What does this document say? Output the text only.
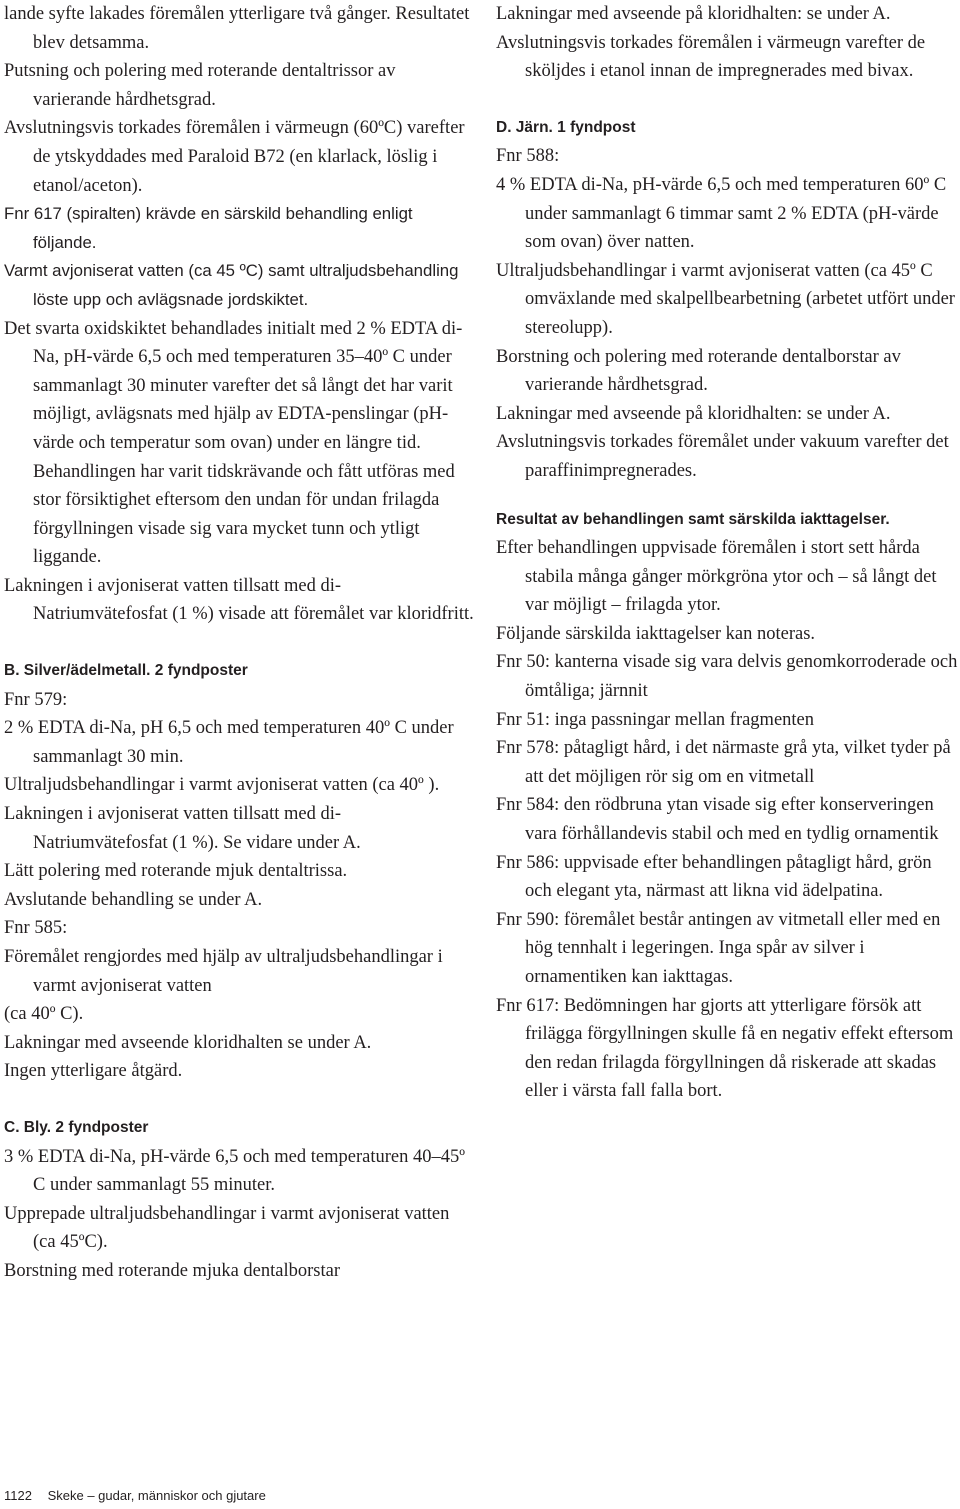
lande syfte lakades föremålen ytterligare två gånger. Resultatet blev detsamma.

Putsning och polering med roterande dentaltrissor av varierande hårdhetsgrad.

Avslutningsvis torkades föremålen i värmeugn (60ºC) varefter de ytskyddades med Paraloid B72 (en klarlack, löslig i etanol/aceton).

Fnr 617 (spiralten) krävde en särskild behandling enligt följande.

Varmt avjoniserat vatten (ca 45 ºC) samt ultraljudsbehandling löste upp och avlägsnade jordskiktet.

Det svarta oxidskiktet behandlades initialt med 2 % EDTA di-Na, pH-värde 6,5 och med temperaturen 35–40º C under sammanlagt 30 minuter varefter det så långt det har varit möjligt, avlägsnats med hjälp av EDTA-penslingar (pH-värde och temperatur som ovan) under en längre tid. Behandlingen har varit tidskrävande och fått utföras med stor försiktighet eftersom den undan för undan frilagda förgyllningen visade sig vara mycket tunn och ytligt liggande.

Lakningen i avjoniserat vatten tillsatt med di-Natriumvätefosfat (1 %) visade att föremålet var kloridfritt.

B. Silver/ädelmetall. 2 fyndposter

Fnr 579:

2 % EDTA di-Na, pH 6,5 och med temperaturen 40º C under sammanlagt 30 min.

Ultraljudsbehandlingar i varmt avjoniserat vatten (ca 40º ).

Lakningen i avjoniserat vatten tillsatt med di-Natriumvätefosfat (1 %). Se vidare under A.

Lätt polering med roterande mjuk dentaltrissa.

Avslutande behandling se under A.

Fnr 585:

Föremålet rengjordes med hjälp av ultraljudsbehandlingar i varmt avjoniserat vatten

(ca 40º C).

Lakningar med avseende kloridhalten se under A.

Ingen ytterligare åtgärd.

C. Bly. 2 fyndposter

3 % EDTA di-Na, pH-värde 6,5 och med temperaturen 40–45º C under sammanlagt 55 minuter.

Upprepade ultraljudsbehandlingar i varmt avjoniserat vatten (ca 45ºC).

Borstning med roterande mjuka dentalborstar

Lakningar med avseende på kloridhalten: se under A.

Avslutningsvis torkades föremålen i värmeugn varefter de sköljdes i etanol innan de impregnerades med bivax.

D. Järn. 1 fyndpost

Fnr 588:

4 % EDTA di-Na, pH-värde 6,5 och med temperaturen 60º C under sammanlagt 6 timmar samt 2 % EDTA (pH-värde som ovan) över natten.

Ultraljudsbehandlingar i varmt avjoniserat vatten (ca 45º C omväxlande med skalpellbearbetning (arbetet utfört under stereolupp).

Borstning och polering med roterande dentalborstar av varierande hårdhetsgrad.

Lakningar med avseende på kloridhalten: se under A.

Avslutningsvis torkades föremålet under vakuum varefter det paraffinimpregnerades.

Resultat av behandlingen samt särskilda iakttagelser.

Efter behandlingen uppvisade föremålen i stort sett hårda stabila många gånger mörkgröna ytor och – så långt det var möjligt – frilagda ytor.

Följande särskilda iakttagelser kan noteras.

Fnr 50: kanterna visade sig vara delvis genomkorroderade och ömtåliga; järnnit

Fnr 51: inga passningar mellan fragmenten

Fnr 578: påtagligt hård, i det närmaste grå yta, vilket tyder på att det möjligen rör sig om en vitmetall

Fnr 584: den rödbruna ytan visade sig efter konserveringen vara förhållandevis stabil och med en tydlig ornamentik

Fnr 586: uppvisade efter behandlingen påtagligt hård, grön och elegant yta, närmast att likna vid ädelpatina.

Fnr 590: föremålet består antingen av vitmetall eller med en hög tennhalt i legeringen. Inga spår av silver i ornamentiken kan iakttagas.

Fnr 617: Bedömningen har gjorts att ytterligare försök att frilägga förgyllningen skulle få en negativ effekt eftersom den redan frilagda förgyllningen då riskerade att skadas eller i värsta fall falla bort.

1122 Skeke – gudar, människor och gjutare
